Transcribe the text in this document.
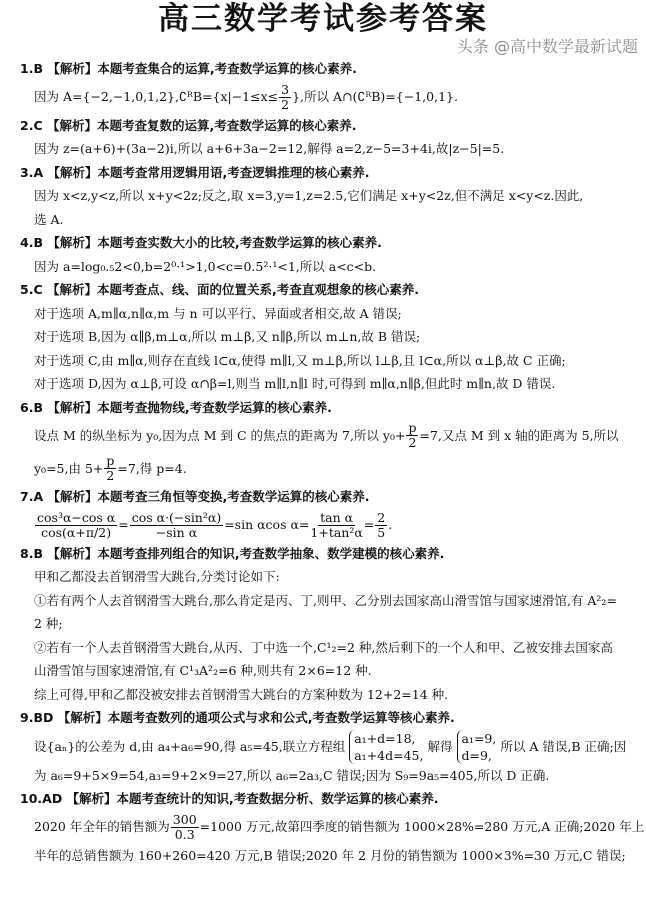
高三数学考试参考答案
1.B 【解析】本题考查集合的运算,考查数学运算的核心素养.
因为 A={−2,−1,0,1,2},∁ᴿB={x|−1≤x≤ $\frac{3}{2}$ },所以 A∩(∁ᴿB)={−1,0,1}.
2.C 【解析】本题考查复数的运算,考查数学运算的核心素养.
因为 z=(a+6)+(3a−2)i,所以 a+6+3a−2=12,解得 a=2,z−5=3+4i,故|z−5|=5.
3.A 【解析】本题考查常用逻辑用语,考查逻辑推理的核心素养.
因为 x<z,y<z,所以 x+y<2z;反之,取 x=3,y=1,z=2.5,它们满足 x+y<2z,但不满足 x<y<z.因此,
选 A.
4.B 【解析】本题考查实数大小的比较,考查数学运算的核心素养.
因为 a=log₀.₅2<0,b=2⁰·¹>1,0<c=0.5²·¹<1,所以 a<c<b.
5.C 【解析】本题考查点、线、面的位置关系,考查直观想象的核心素养.
对于选项 A,m∥α,n∥α,m 与 n 可以平行、异面或者相交,故 A 错误;
对于选项 B,因为 α∥β,m⊥α,所以 m⊥β,又 n∥β,所以 m⊥n,故 B 错误;
对于选项 C,由 m∥α,则存在直线 l⊂α,使得 m∥l,又 m⊥β,所以 l⊥β,且 l⊂α,所以 α⊥β,故 C 正确;
对于选项 D,因为 α⊥β,可设 α∩β=l,则当 m∥l,n∥l 时,可得到 m∥α,n∥β,但此时 m∥n,故 D 错误.
6.B 【解析】本题考查抛物线,考查数学运算的核心素养.
设点 M 的纵坐标为 y₀,因为点 M 到 C 的焦点的距离为 7,所以 $y_0+ \frac{p}{2} =7$,又点 M 到 x 轴的距离为 5,所以
y₀=5,由 $5+ \frac{p}{2} =7$,得 p=4.
7.A 【解析】本题考查三角恒等变换,考查数学运算的核心素养.
$\frac{\text{cos³α−cos α}}{\cos(\alpha+\pi/2)} = \frac{\text{cos α·(−sin²α)}}{\text{−sin α}} =\sin$ αcos $\alpha= \frac{\text{tan α}}{\text{1+tan²α}} = \frac{2}{5}$ .
8.B 【解析】本题考查排列组合的知识,考查数学抽象、数学建模的核心素养.
甲和乙都没去首钢滑雪大跳台,分类讨论如下:
①若有两个人去首钢滑雪大跳台,那么肯定是丙、丁,则甲、乙分别去国家高山滑雪馆与国家速滑馆,有 A²₂=
2 种;
②若有一个人去首钢滑雪大跳台,从丙、丁中选一个,C¹₂=2 种,然后剩下的一个人和甲、乙被安排去国家高
山滑雪馆与国家速滑馆,有 C¹₃A²₂=6 种,则共有 2×6=12 种.
综上可得,甲和乙都没被安排去首钢滑雪大跳台的方案种数为 12+2=14 种.
9.BD 【解析】本题考查数列的通项公式与求和公式,考查数学运算等核心素养.
设{aₙ}的公差为 d,由 a₄+a₆=90,得 a₅=45,联立方程组
a₁+d=18,
a₁+4d=45,
解得
a₁=9,
d=9,
所以 A 错误,B 正确;因
为 a₆=9+5×9=54,a₃=9+2×9=27,所以 a₆=2a₃,C 错误;因为 S₉=9a₅=405,所以 D 正确.
10.AD 【解析】本题考查统计的知识,考查数据分析、数学运算的核心素养.
2020 年全年的销售额为 $\frac{300}{0.3} =1000$ 万元,故第四季度的销售额为 1000×28%=280 万元,A 正确;2020 年上
半年的总销售额为 160+260=420 万元,B 错误;2020 年 2 月份的销售额为 1000×3%=30 万元,C 错误;
头条 @高中数学最新试题
